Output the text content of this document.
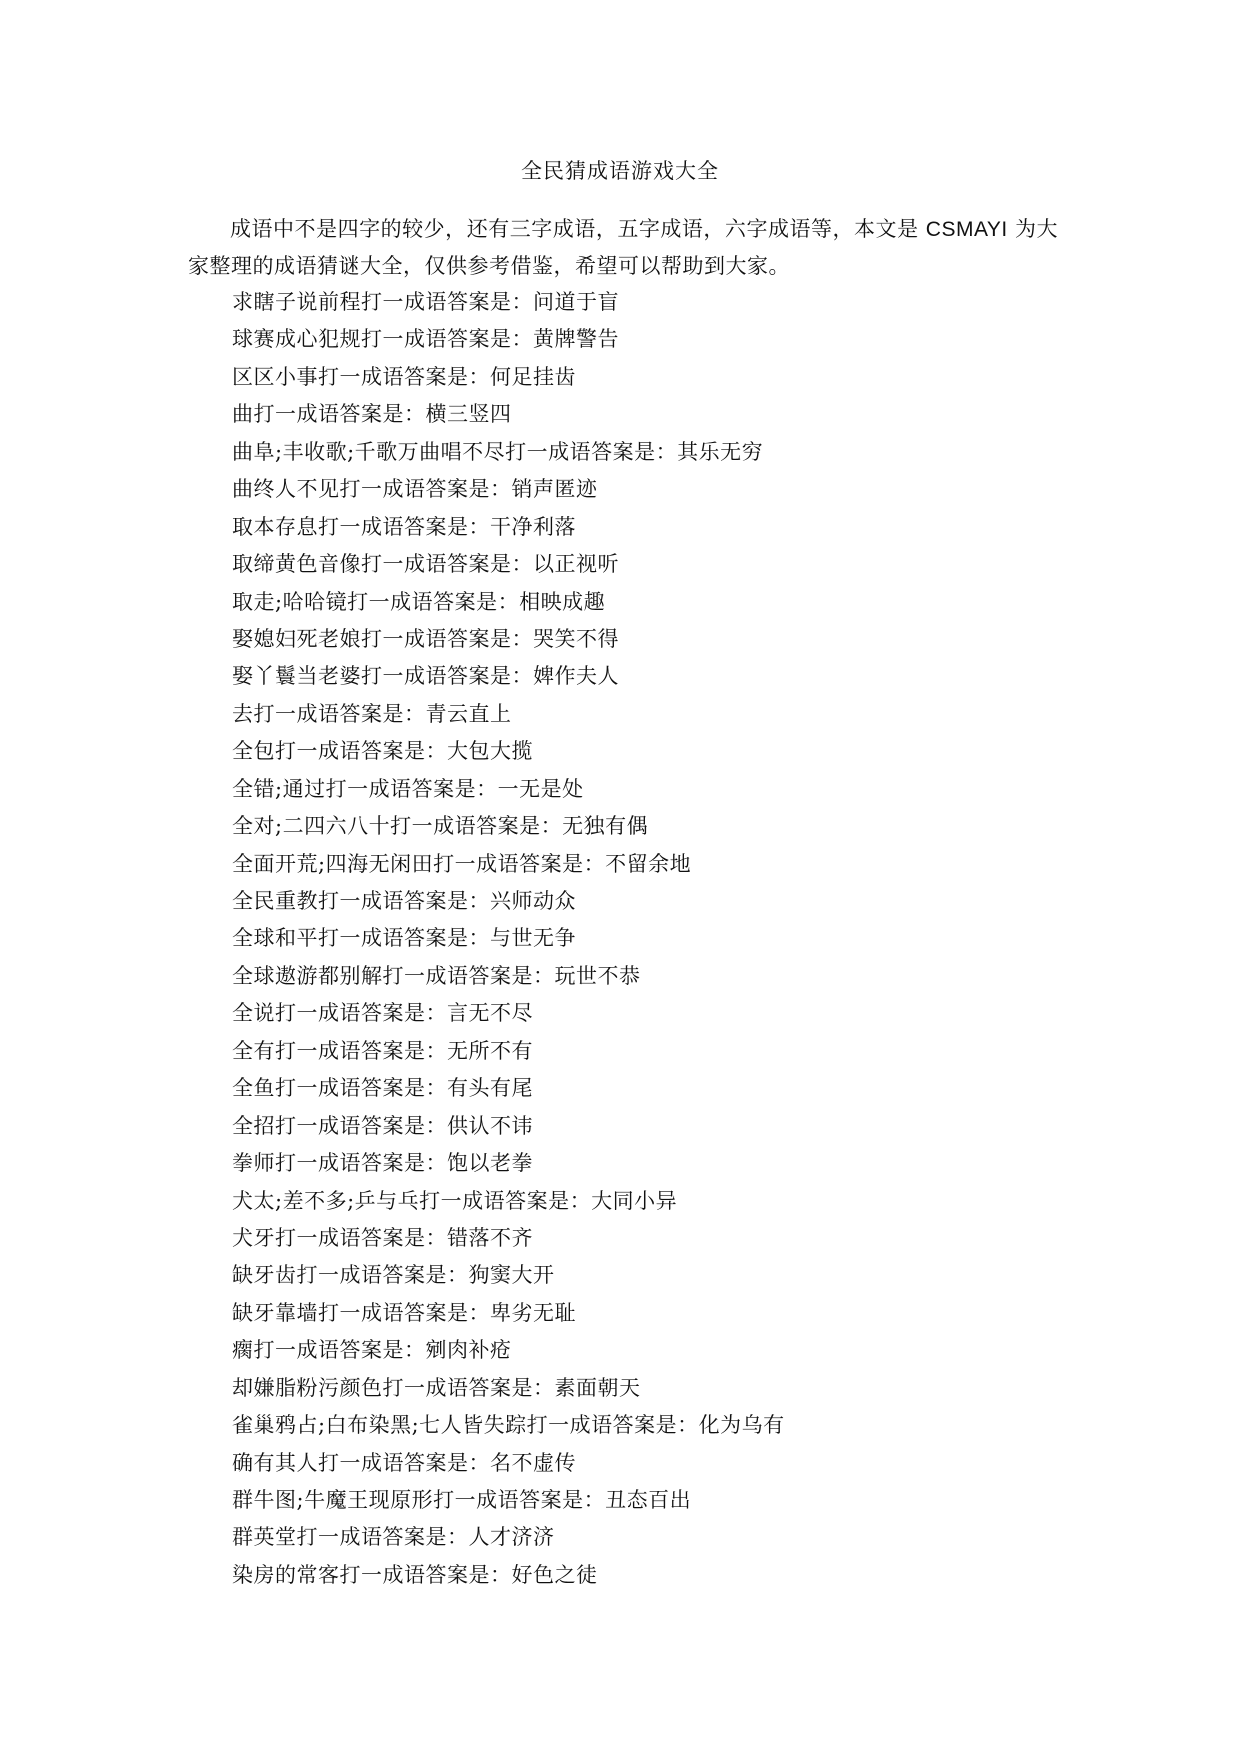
全民猜成语游戏大全
成语中不是四字的较少，还有三字成语，五字成语，六字成语等，本文是 CSMAYI 为大家整理的成语猜谜大全，仅供参考借鉴，希望可以帮助到大家。
求瞎子说前程打一成语答案是：问道于盲
球赛成心犯规打一成语答案是：黄牌警告
区区小事打一成语答案是：何足挂齿
曲打一成语答案是：横三竖四
曲阜;丰收歌;千歌万曲唱不尽打一成语答案是：其乐无穷
曲终人不见打一成语答案是：销声匿迹
取本存息打一成语答案是：干净利落
取缔黄色音像打一成语答案是：以正视听
取走;哈哈镜打一成语答案是：相映成趣
娶媳妇死老娘打一成语答案是：哭笑不得
娶丫鬟当老婆打一成语答案是：婢作夫人
去打一成语答案是：青云直上
全包打一成语答案是：大包大揽
全错;通过打一成语答案是：一无是处
全对;二四六八十打一成语答案是：无独有偶
全面开荒;四海无闲田打一成语答案是：不留余地
全民重教打一成语答案是：兴师动众
全球和平打一成语答案是：与世无争
全球遨游都别解打一成语答案是：玩世不恭
全说打一成语答案是：言无不尽
全有打一成语答案是：无所不有
全鱼打一成语答案是：有头有尾
全招打一成语答案是：供认不讳
拳师打一成语答案是：饱以老拳
犬太;差不多;乒与乓打一成语答案是：大同小异
犬牙打一成语答案是：错落不齐
缺牙齿打一成语答案是：狗窦大开
缺牙靠墙打一成语答案是：卑劣无耻
瘸打一成语答案是：剜肉补疮
却嫌脂粉污颜色打一成语答案是：素面朝天
雀巢鸦占;白布染黑;七人皆失踪打一成语答案是：化为乌有
确有其人打一成语答案是：名不虚传
群牛图;牛魔王现原形打一成语答案是：丑态百出
群英堂打一成语答案是：人才济济
染房的常客打一成语答案是：好色之徒
